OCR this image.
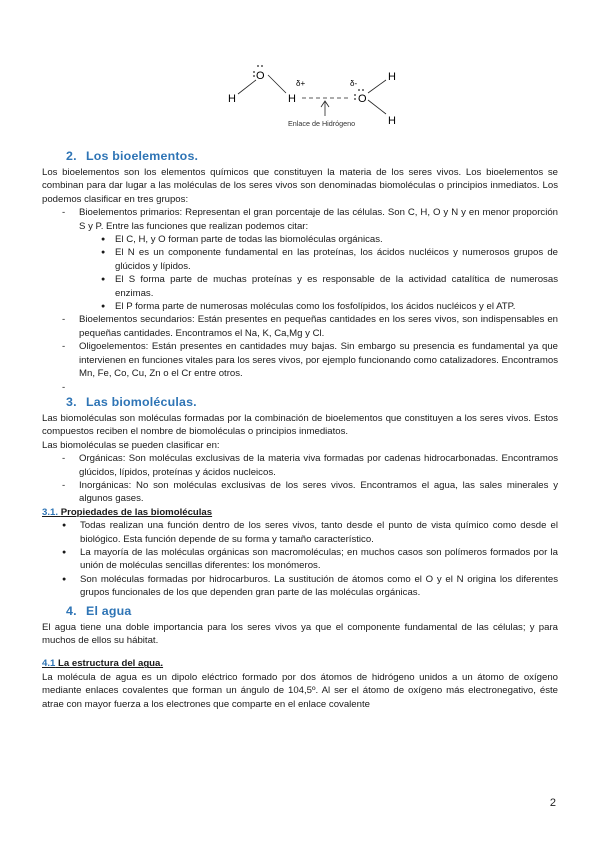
O
H	H
δ+	δ-
O
H
H
Enlace de Hidrógeno
2. Los bioelementos.

Los bioelementos son los elementos químicos que constituyen la materia de los seres vivos. Los bioelementos se combinan para dar lugar a las moléculas de los seres vivos son denominadas biomoléculas o principios inmediatos. Los podemos clasificar en tres grupos:

- Bioelementos primarios: Representan el gran porcentaje de las células. Son C, H, O y N y en menor proporción S y P. Entre las funciones que realizan podemos citar:
● El C, H, y O forman parte de todas las biomoléculas orgánicas.
● El N es un componente fundamental en las proteínas, los ácidos nucléicos y numerosos grupos de glúcidos y lípidos.
● El S forma parte de muchas proteínas y es responsable de la actividad catalítica de numerosas enzimas.
● El P forma parte de numerosas moléculas como los fosfolípidos, los ácidos nucléicos y el ATP.
- Bioelementos secundarios: Están presentes en pequeñas cantidades en los seres vivos, son indispensables en pequeñas cantidades. Encontramos el Na, K, Ca,Mg y Cl.
- Oligoelementos: Están presentes en cantidades muy bajas. Sin embargo su presencia es fundamental ya que intervienen en funciones vitales para los seres vivos, por ejemplo funcionando como catalizadores. Encontramos Mn, Fe, Co, Cu, Zn o el Cr entre otros.
-
3. Las biomoléculas.

Las biomoléculas son moléculas formadas por la combinación de bioelementos que constituyen a los seres vivos. Estos compuestos reciben el nombre de biomoléculas o principios inmediatos.

Las biomoléculas se pueden clasificar en:

- Orgánicas: Son moléculas exclusivas de la materia viva formadas por cadenas hidrocarbonadas. Encontramos glúcidos, lípidos, proteínas y ácidos nucleicos.
- Inorgánicas: No son moléculas exclusivas de los seres vivos. Encontramos el agua, las sales minerales y algunos gases.

3.1. Propiedades de las biomoléculas

● Todas realizan una función dentro de los seres vivos, tanto desde el punto de vista químico como desde el biológico. Esta función depende de su forma y tamaño característico.
● La mayoría de las moléculas orgánicas son macromoléculas; en muchos casos son polímeros formados por la unión de moléculas sencillas diferentes: los monómeros.
● Son moléculas formadas por hidrocarburos. La sustitución de átomos como el O y el N origina los diferentes grupos funcionales de los que dependen gran parte de las moléculas orgánicas.
4. El agua

El agua tiene una doble importancia para los seres vivos ya que el componente fundamental de las células; y para muchos de ellos su hábitat.

4.1 La estructura del agua.

La molécula de agua es un dipolo eléctrico formado por dos átomos de hidrógeno unidos a un átomo de oxígeno mediante enlaces covalentes que forman un ángulo de 104,5º. Al ser el átomo de oxígeno más electronegativo, éste atrae con mayor fuerza a los electrones que comparte en el enlace covalente

2
